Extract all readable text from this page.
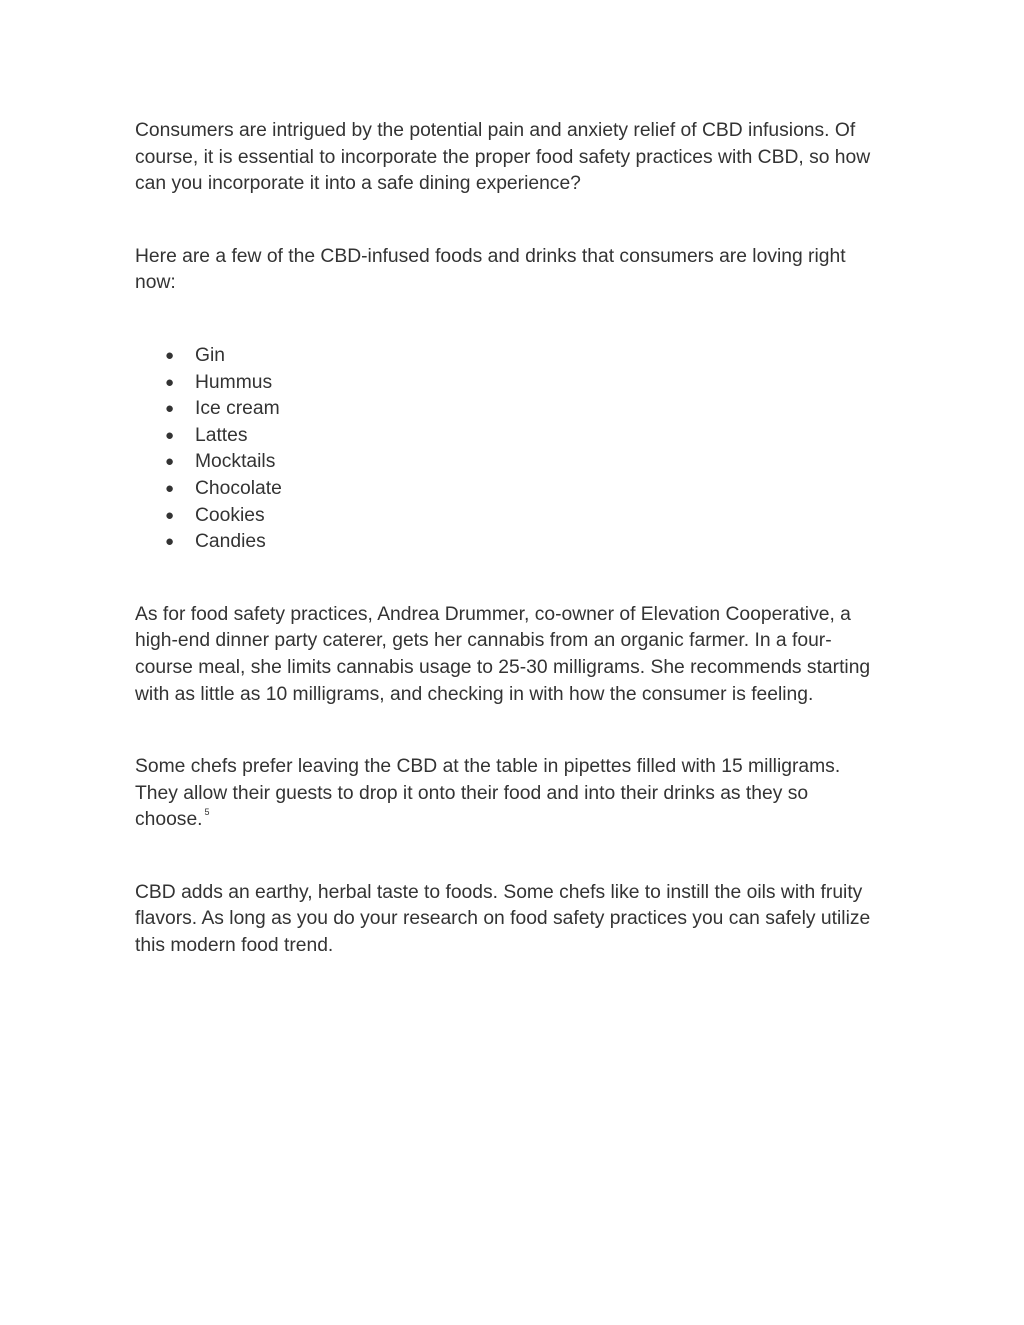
Consumers are intrigued by the potential pain and anxiety relief of CBD infusions. Of course, it is essential to incorporate the proper food safety practices with CBD, so how can you incorporate it into a safe dining experience?

Here are a few of the CBD-infused foods and drinks that consumers are loving right now:

● Gin
● Hummus
● Ice cream
● Lattes
● Mocktails
● Chocolate
● Cookies
● Candies

As for food safety practices, Andrea Drummer, co-owner of Elevation Cooperative, a high-end dinner party caterer, gets her cannabis from an organic farmer. In a four-course meal, she limits cannabis usage to 25-30 milligrams. She recommends starting with as little as 10 milligrams, and checking in with how the consumer is feeling.

Some chefs prefer leaving the CBD at the table in pipettes filled with 15 milligrams. They allow their guests to drop it onto their food and into their drinks as they so choose. $^5$

CBD adds an earthy, herbal taste to foods. Some chefs like to instill the oils with fruity flavors. As long as you do your research on food safety practices you can safely utilize this modern food trend.
